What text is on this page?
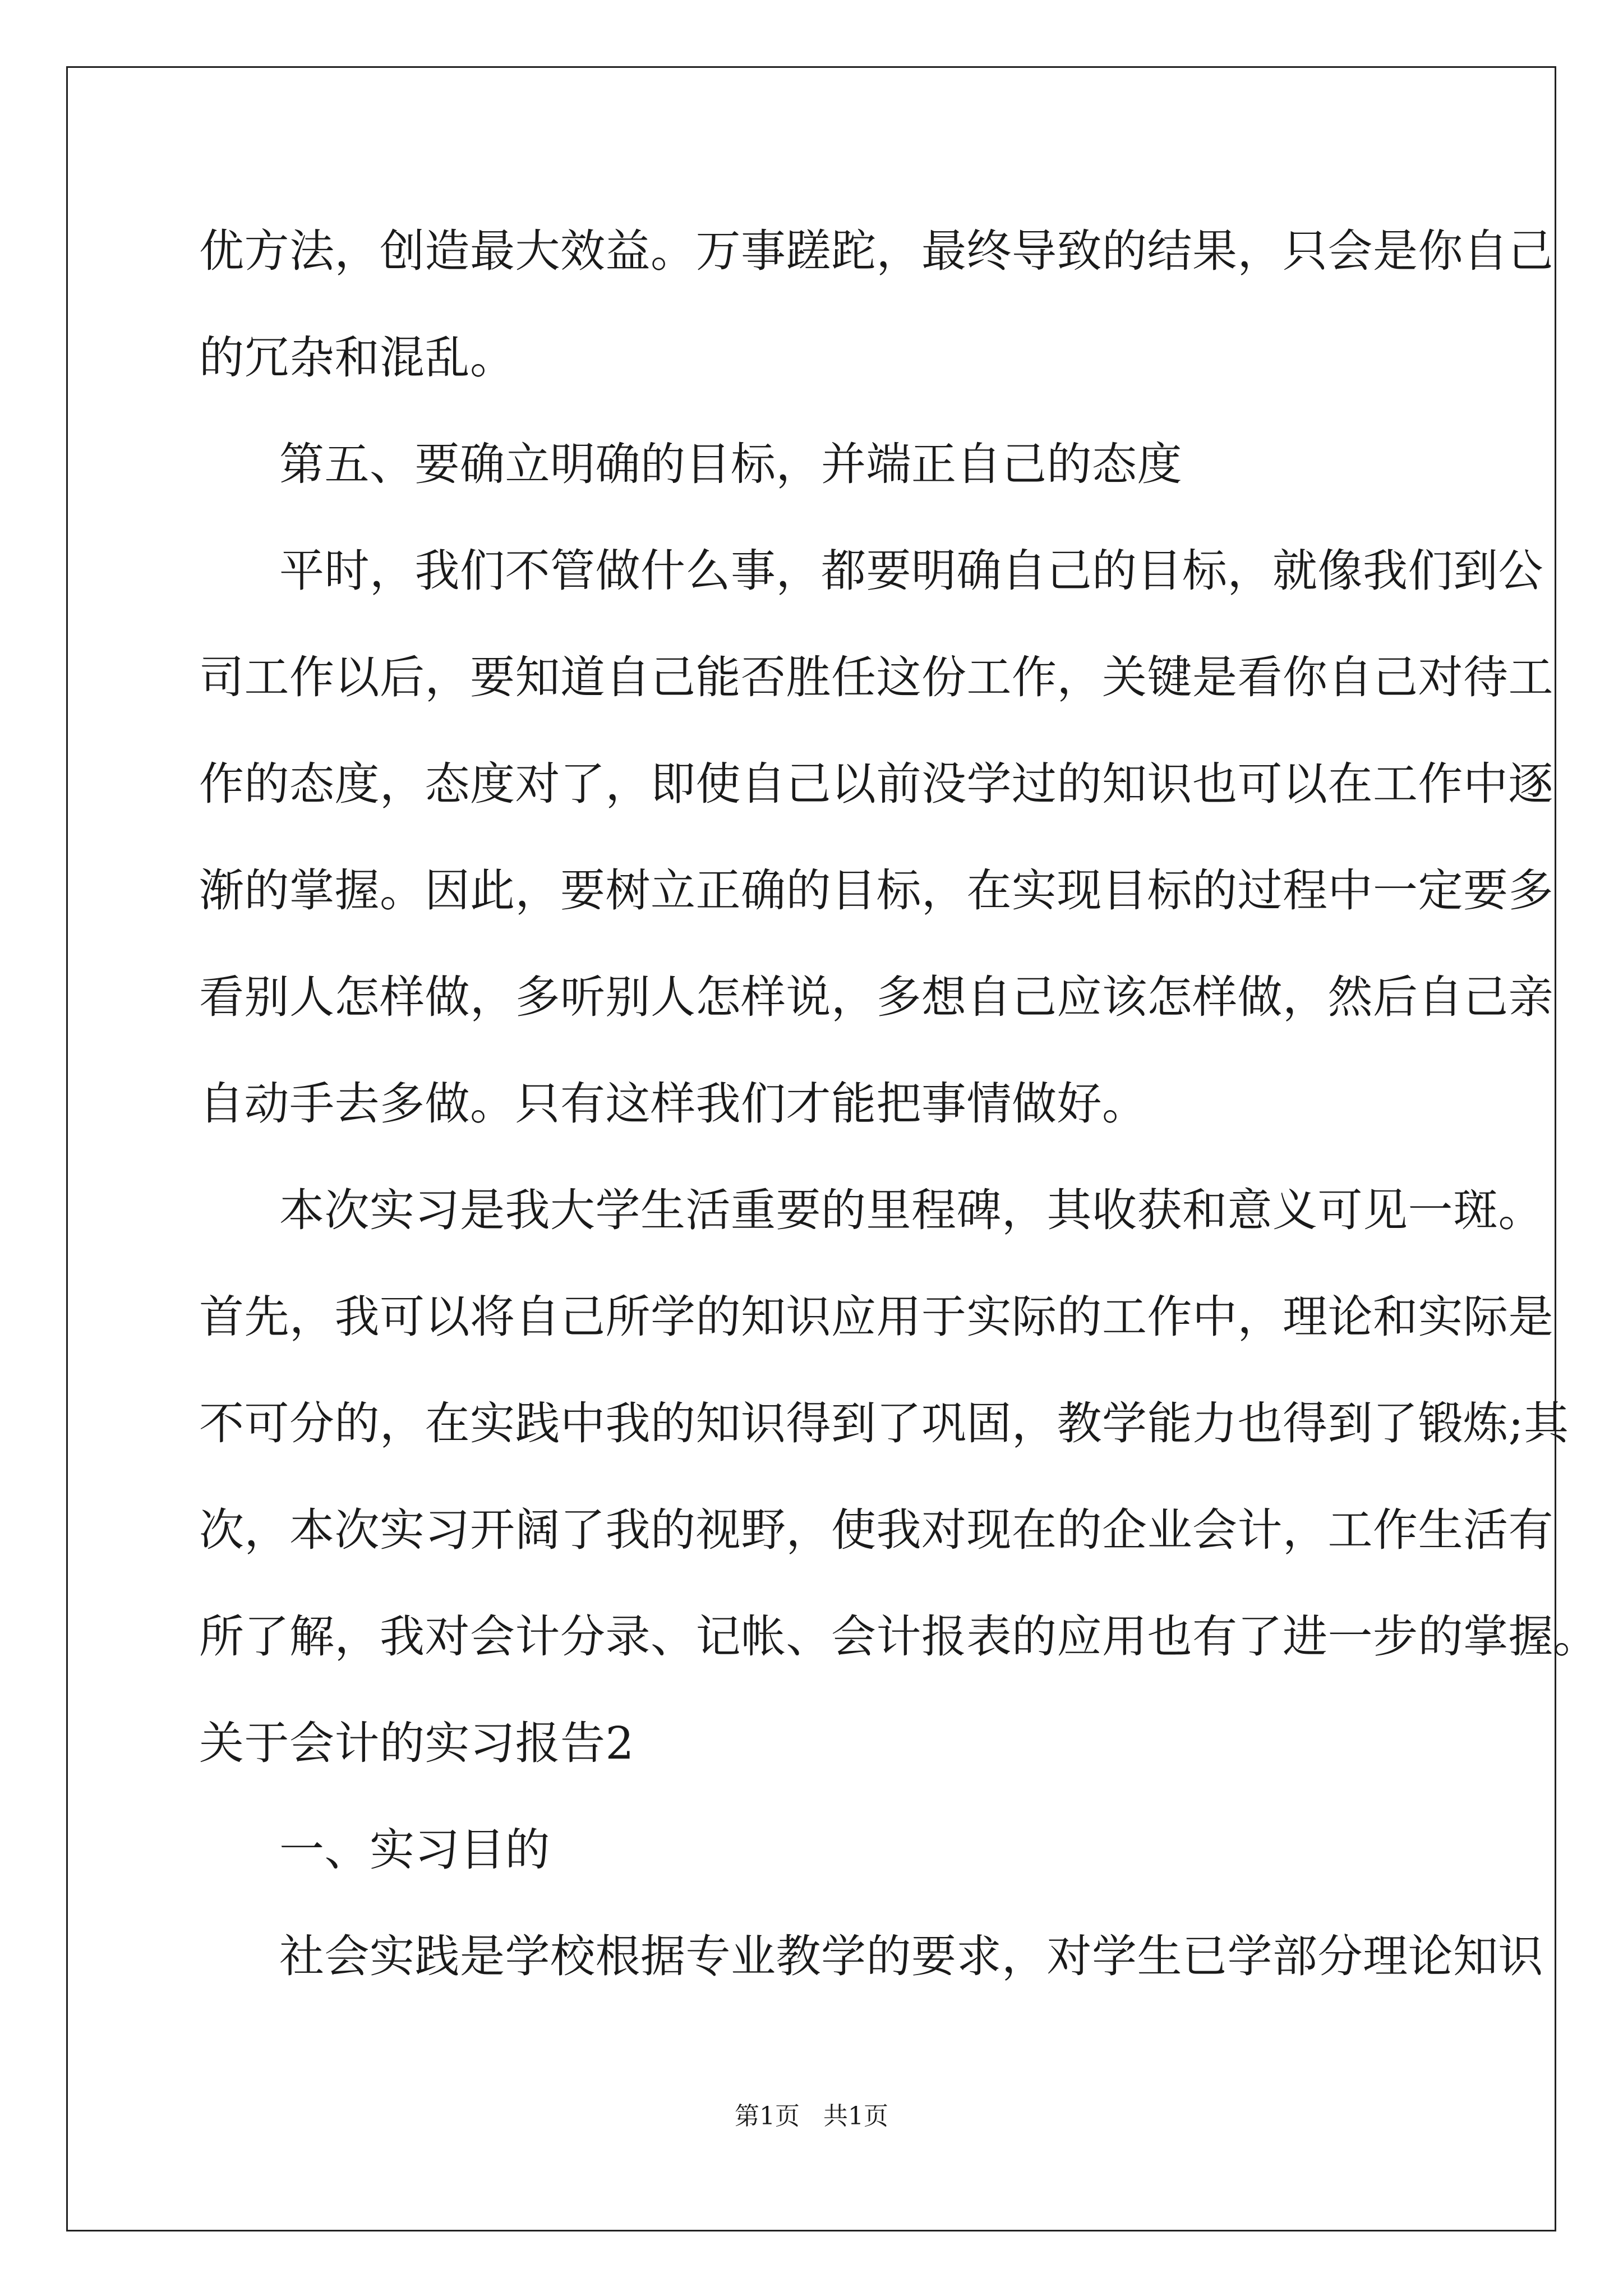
优方法，创造最大效益。万事蹉跎，最终导致的结果，只会是你自己
的冗杂和混乱。
第五、要确立明确的目标，并端正自己的态度
平时，我们不管做什么事，都要明确自己的目标，就像我们到公
司工作以后，要知道自己能否胜任这份工作，关键是看你自己对待工
作的态度，态度对了，即使自己以前没学过的知识也可以在工作中逐
渐的掌握。因此，要树立正确的目标，在实现目标的过程中一定要多
看别人怎样做，多听别人怎样说，多想自己应该怎样做，然后自己亲
自动手去多做。只有这样我们才能把事情做好。
本次实习是我大学生活重要的里程碑，其收获和意义可见一斑。
首先，我可以将自己所学的知识应用于实际的工作中，理论和实际是
不可分的，在实践中我的知识得到了巩固，教学能力也得到了锻炼;其
次，本次实习开阔了我的视野，使我对现在的企业会计，工作生活有
所了解，我对会计分录、记帐、会计报表的应用也有了进一步的掌握。
关于会计的实习报告2
一、实习目的
社会实践是学校根据专业教学的要求，对学生已学部分理论知识
第1页   共1页
